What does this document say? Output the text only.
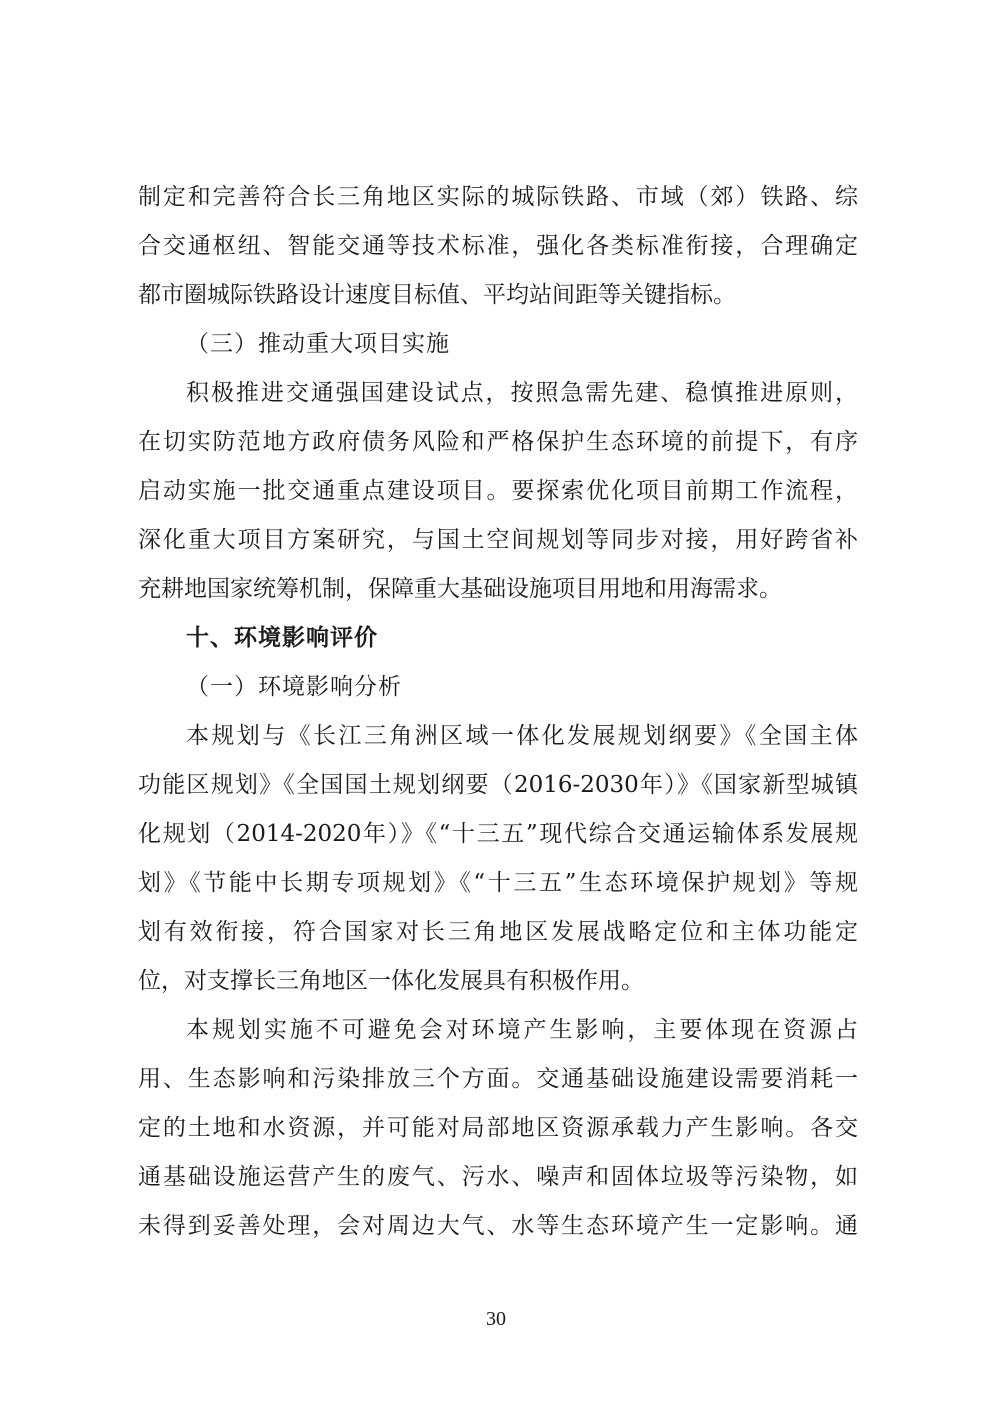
制定和完善符合长三角地区实际的城际铁路、市域（郊）铁路、综
合交通枢纽、智能交通等技术标准，强化各类标准衔接，合理确定
都市圈城际铁路设计速度目标值、平均站间距等关键指标。
（三）推动重大项目实施
积极推进交通强国建设试点，按照急需先建、稳慎推进原则，
在切实防范地方政府债务风险和严格保护生态环境的前提下，有序
启动实施一批交通重点建设项目。要探索优化项目前期工作流程，
深化重大项目方案研究，与国土空间规划等同步对接，用好跨省补
充耕地国家统筹机制，保障重大基础设施项目用地和用海需求。
十、环境影响评价
（一）环境影响分析
本规划与《长江三角洲区域一体化发展规划纲要》《全国主体
功能区规划》《全国国土规划纲要（2016-2030年）》《国家新型城镇
化规划（2014-2020年）》《“十三五”现代综合交通运输体系发展规
划》《节能中长期专项规划》《“十三五”生态环境保护规划》等规
划有效衔接，符合国家对长三角地区发展战略定位和主体功能定
位，对支撑长三角地区一体化发展具有积极作用。
本规划实施不可避免会对环境产生影响，主要体现在资源占
用、生态影响和污染排放三个方面。交通基础设施建设需要消耗一
定的土地和水资源，并可能对局部地区资源承载力产生影响。各交
通基础设施运营产生的废气、污水、噪声和固体垃圾等污染物，如
未得到妥善处理，会对周边大气、水等生态环境产生一定影响。通
30
